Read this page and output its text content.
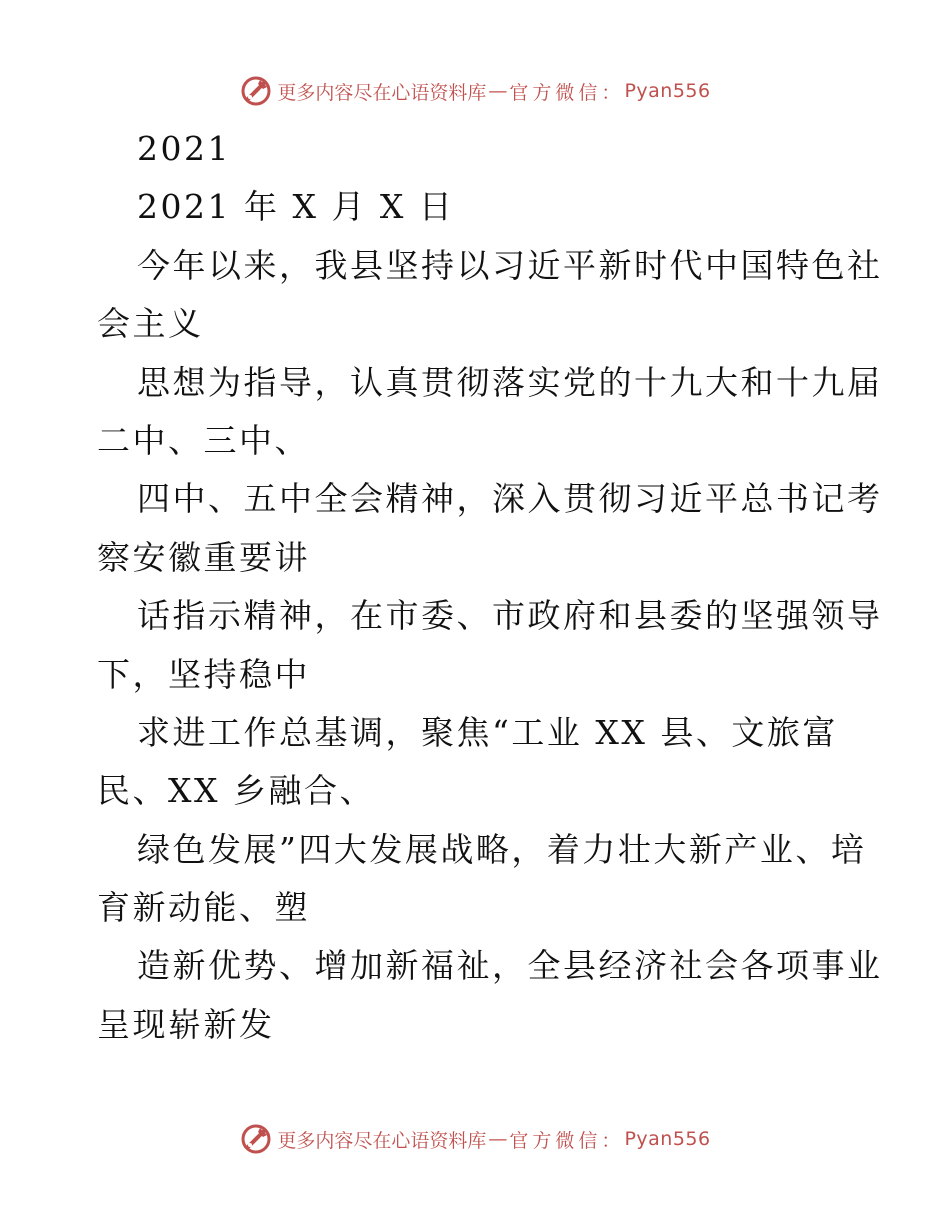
更多内容尽在心语资料库 — 官方微信： Pyan556
2021
2021 年 X 月 X 日
今年以来，我县坚持以习近平新时代中国特色社
会主义
思想为指导，认真贯彻落实党的十九大和十九届
二中、三中、
四中、五中全会精神，深入贯彻习近平总书记考
察安徽重要讲
话指示精神，在市委、市政府和县委的坚强领导
下，坚持稳中
求进工作总基调，聚焦“工业 XX 县、文旅富
民、XX 乡融合、
绿色发展”四大发展战略，着力壮大新产业、培
育新动能、塑
造新优势、增加新福祉，全县经济社会各项事业
呈现崭新发
更多内容尽在心语资料库 — 官方微信： Pyan556
